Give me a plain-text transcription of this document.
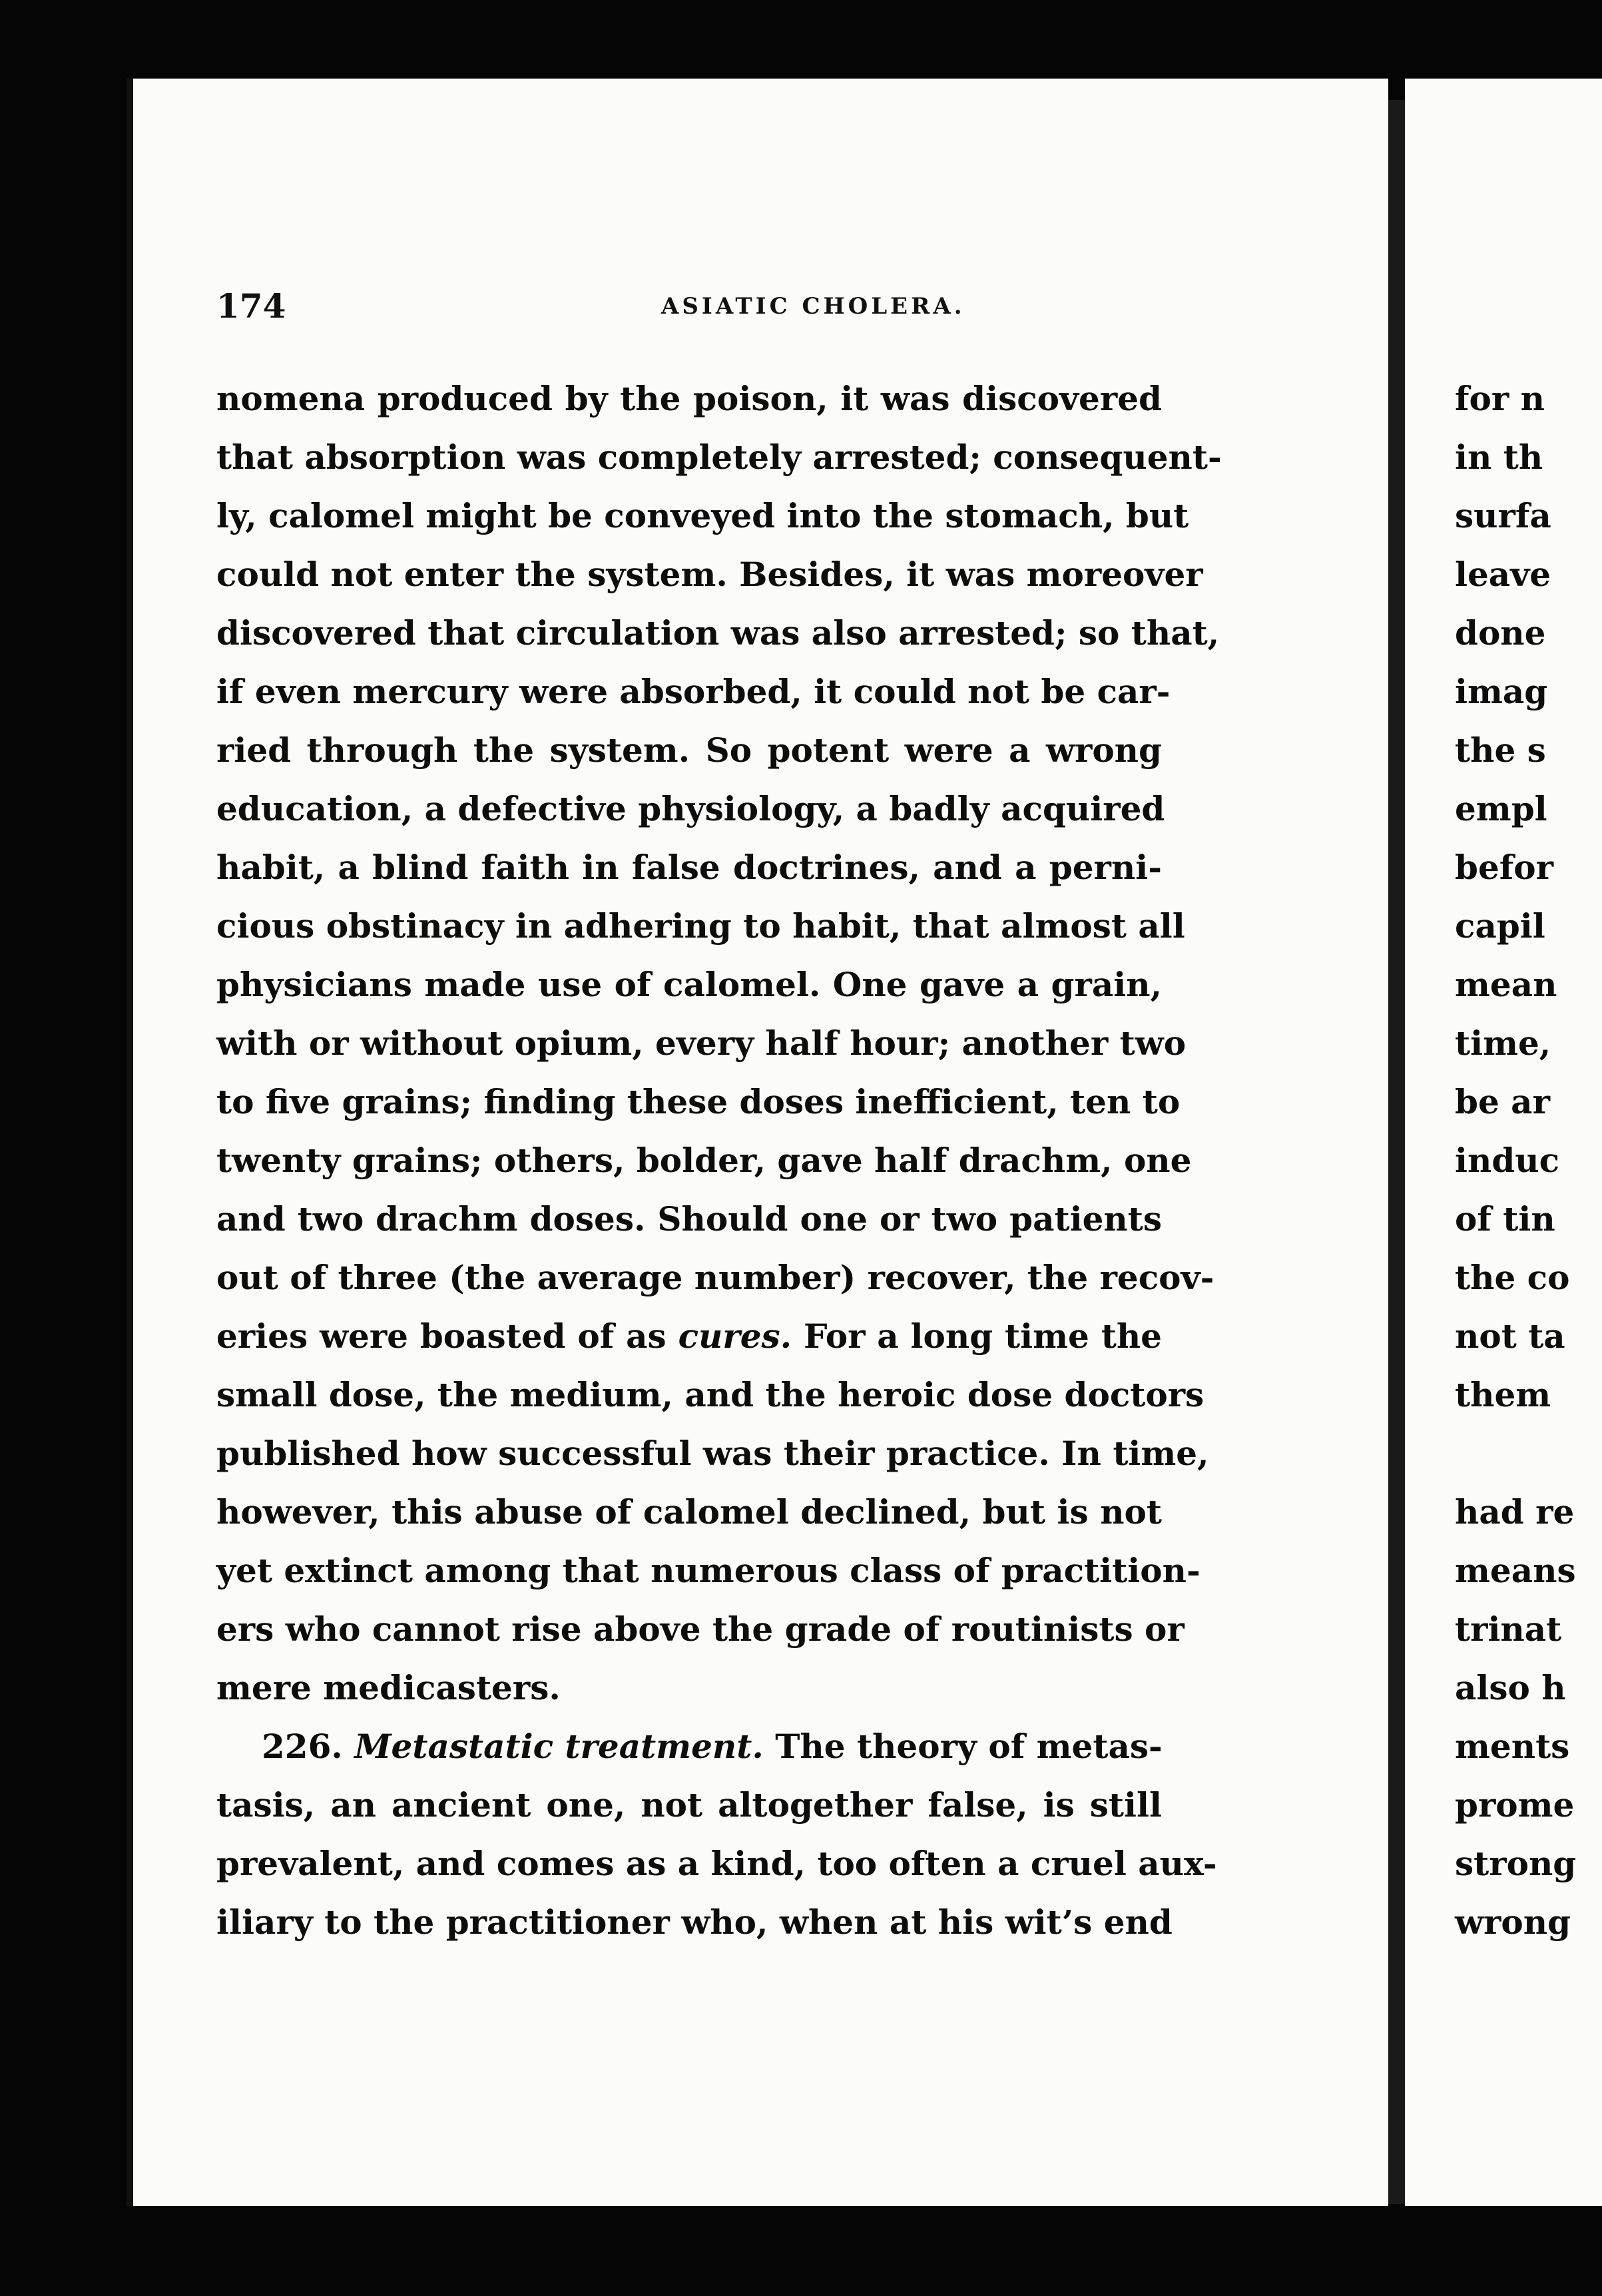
174	ASIATIC CHOLERA.
nomena produced by the poison, it was discovered
that absorption was completely arrested; consequent-
ly, calomel might be conveyed into the stomach, but
could not enter the system. Besides, it was moreover
discovered that circulation was also arrested; so that,
if even mercury were absorbed, it could not be car-
ried through the system. So potent were a wrong
education, a defective physiology, a badly acquired
habit, a blind faith in false doctrines, and a perni-
cious obstinacy in adhering to habit, that almost all
physicians made use of calomel. One gave a grain,
with or without opium, every half hour; another two
to five grains; finding these doses inefficient, ten to
twenty grains; others, bolder, gave half drachm, one
and two drachm doses. Should one or two patients
out of three (the average number) recover, the recov-
eries were boasted of as cures. For a long time the
small dose, the medium, and the heroic dose doctors
published how successful was their practice. In time,
however, this abuse of calomel declined, but is not
yet extinct among that numerous class of practition-
ers who cannot rise above the grade of routinists or
mere medicasters.
226. Metastatic treatment. The theory of metas-
tasis, an ancient one, not altogether false, is still
prevalent, and comes as a kind, too often a cruel aux-
iliary to the practitioner who, when at his wit’s end
for n
in th
surfa
leave
done
imag
the s
empl
befor
capil
mean
time,
be ar
induc
of tin
the co
not ta
them
had re
means
trinat
also h
ments
prome
strong
wrong
